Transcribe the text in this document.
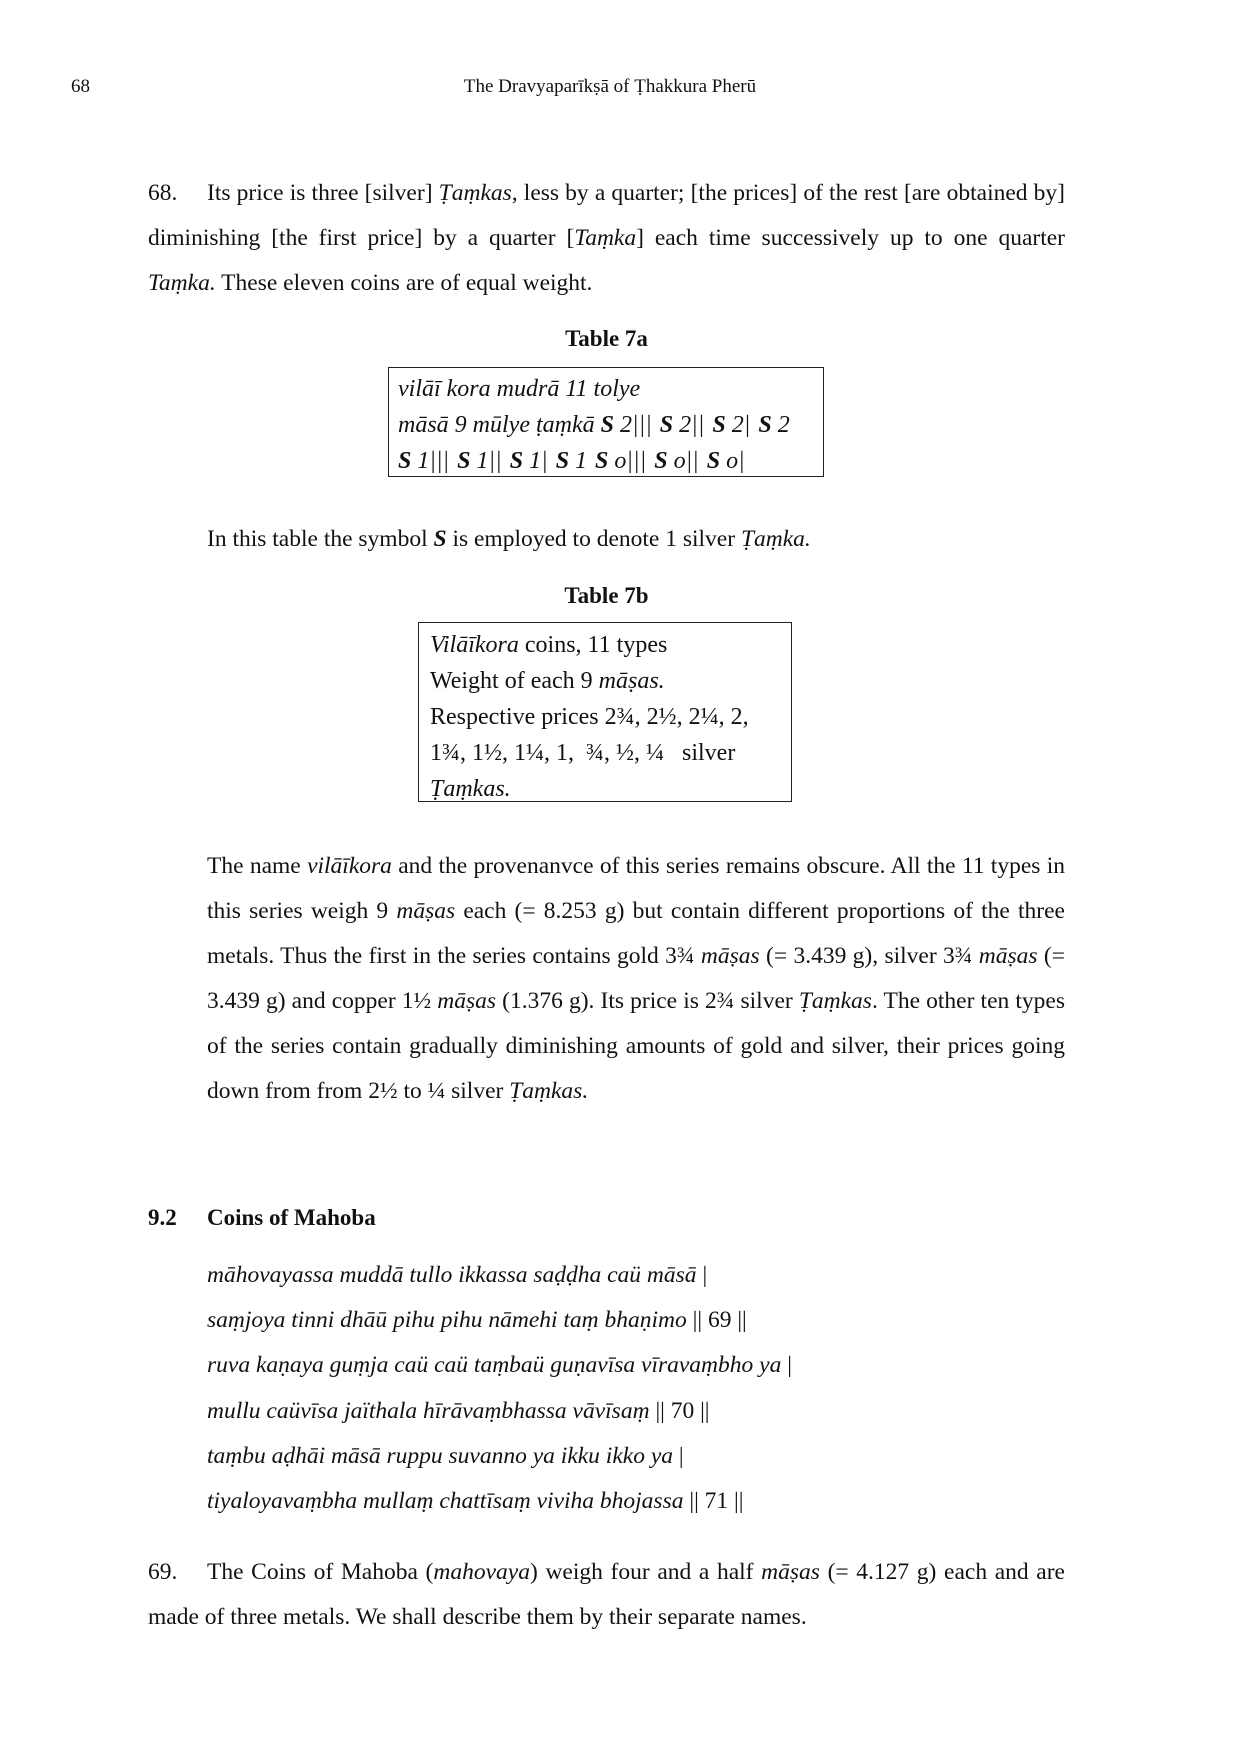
68	The Dravyaparīkṣā of Ṭhakkura Pherū
68. Its price is three [silver] Ṭaṃkas, less by a quarter; [the prices] of the rest [are obtained by] diminishing [the first price] by a quarter [Taṃka] each time successively up to one quarter Taṃka. These eleven coins are of equal weight.
Table 7a
vilāī kora mudrā 11 tolye
māsā 9 mūlye ṭaṃkā S 2||| S 2|| S 2| S 2
S 1||| S 1|| S 1| S 1 S o||| S o|| S o|
In this table the symbol S is employed to denote 1 silver Ṭaṃka.
Table 7b
Vilāīkora coins, 11 types
Weight of each 9 māṣas.
Respective prices 2¾, 2½, 2¼, 2,
1¾, 1½, 1¼, 1,  ¾, ½, ¼   silver
Ṭaṃkas.
The name vilāīkora and the provenanvce of this series remains obscure. All the 11 types in this series weigh 9 māṣas each (= 8.253 g) but contain different proportions of the three metals. Thus the first in the series contains gold 3¾ māṣas (= 3.439 g), silver 3¾ māṣas (= 3.439 g) and copper 1½ māṣas (1.376 g). Its price is 2¾ silver Ṭaṃkas. The other ten types of the series contain gradually diminishing amounts of gold and silver, their prices going down from from 2½ to ¼ silver Ṭaṃkas.
9.2 Coins of Mahoba
māhovayassa muddā tullo ikkassa saḍḍha caü māsā |
saṃjoya tinni dhāū pihu pihu nāmehi taṃ bhaṇimo || 69 ||
ruva kaṇaya guṃja caü caü taṃbaü guṇavīsa vīravaṃbho ya |
mullu caüvīsa jaïthala hīrāvaṃbhassa vāvīsaṃ || 70 ||
taṃbu aḍhāi māsā ruppu suvanno ya ikku ikko ya |
tiyaloyavaṃbha mullaṃ chattīsaṃ viviha bhojassa || 71 ||
69. The Coins of Mahoba (mahovaya) weigh four and a half māṣas (= 4.127 g) each and are made of three metals. We shall describe them by their separate names.
